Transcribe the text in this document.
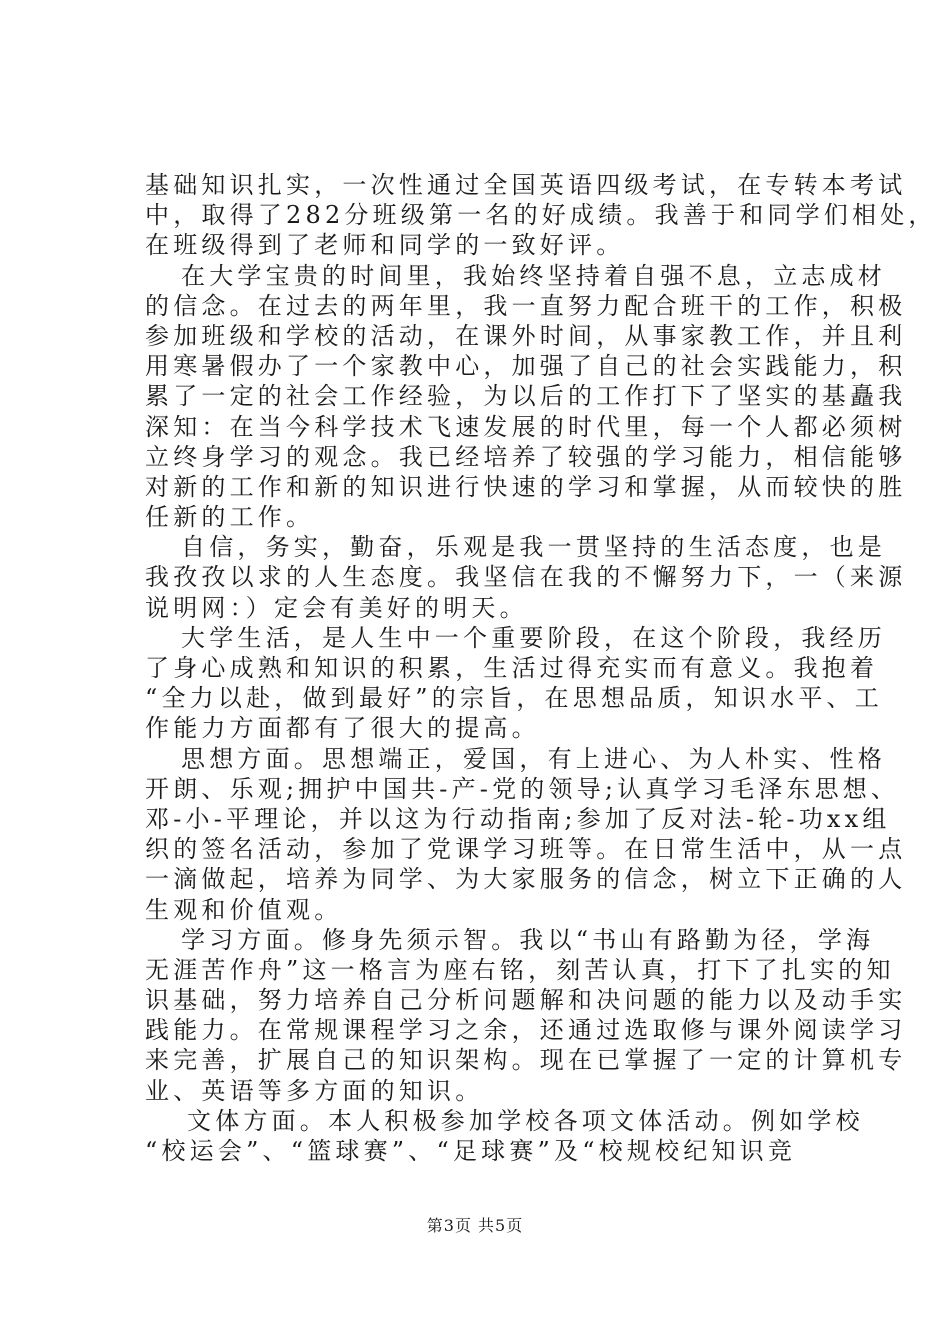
基础知识扎实，一次性通过全国英语四级考试，在专转本考试
中，取得了282分班级第一名的好成绩。我善于和同学们相处，
在班级得到了老师和同学的一致好评。
在大学宝贵的时间里，我始终坚持着自强不息，立志成材
的信念。在过去的两年里，我一直努力配合班干的工作，积极
参加班级和学校的活动，在课外时间，从事家教工作，并且利
用寒暑假办了一个家教中心，加强了自己的社会实践能力，积
累了一定的社会工作经验，为以后的工作打下了坚实的基矗我
深知：在当今科学技术飞速发展的时代里，每一个人都必须树
立终身学习的观念。我已经培养了较强的学习能力，相信能够
对新的工作和新的知识进行快速的学习和掌握，从而较快的胜
任新的工作。
自信，务实，勤奋，乐观是我一贯坚持的生活态度，也是
我孜孜以求的人生态度。我坚信在我的不懈努力下，一（来源
说明网：）定会有美好的明天。
大学生活，是人生中一个重要阶段，在这个阶段，我经历
了身心成熟和知识的积累，生活过得充实而有意义。我抱着
“全力以赴，做到最好”的宗旨，在思想品质，知识水平、工
作能力方面都有了很大的提高。
思想方面。思想端正，爱国，有上进心、为人朴实、性格
开朗、乐观;拥护中国共-产-党的领导;认真学习毛泽东思想、
邓-小-平理论，并以这为行动指南;参加了反对法-轮-功xx组
织的签名活动，参加了党课学习班等。在日常生活中，从一点
一滴做起，培养为同学、为大家服务的信念，树立下正确的人
生观和价值观。
学习方面。修身先须示智。我以“书山有路勤为径，学海
无涯苦作舟”这一格言为座右铭，刻苦认真，打下了扎实的知
识基础，努力培养自己分析问题解和决问题的能力以及动手实
践能力。在常规课程学习之余，还通过选取修与课外阅读学习
来完善，扩展自己的知识架构。现在已掌握了一定的计算机专
业、英语等多方面的知识。
文体方面。本人积极参加学校各项文体活动。例如学校
“校运会”、“篮球赛”、“足球赛”及“校规校纪知识竞
第3页 共5页
